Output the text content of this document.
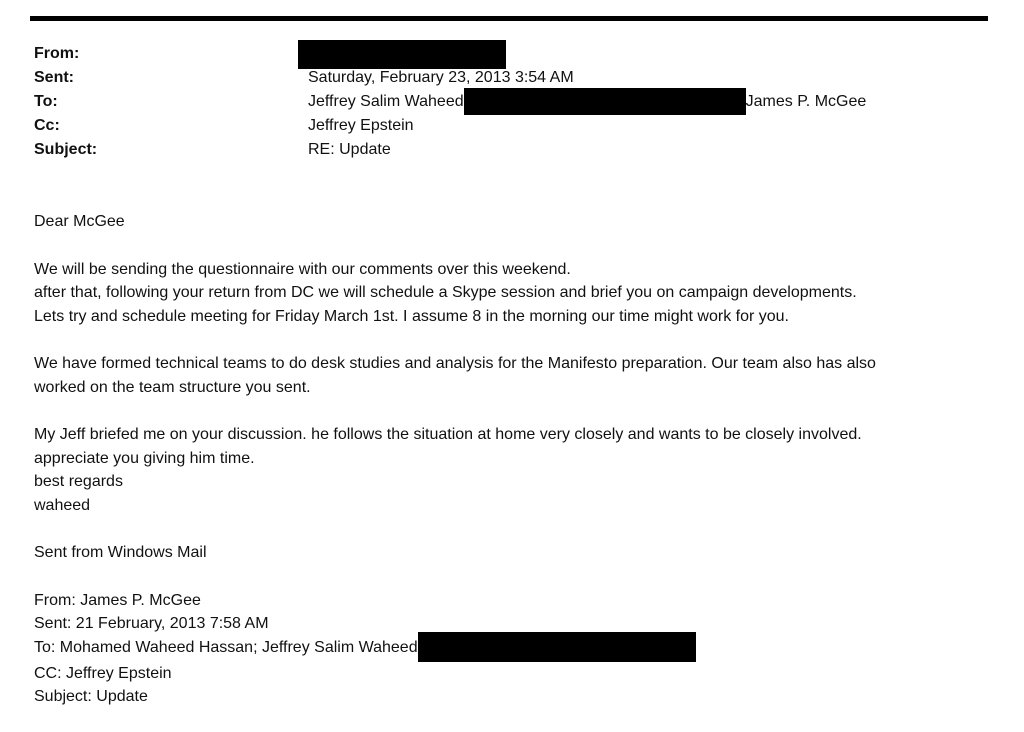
From:
Sent:
To:
Cc:
Subject:
Saturday, February 23, 2013 3:54 AM
Jeffrey Salim Waheed	James P. McGee
Jeffrey Epstein
RE: Update
Dear McGee
We will be sending the questionnaire with our comments over this weekend.
after that, following your return from DC we will schedule a Skype session and brief you on campaign developments.
Lets try and schedule meeting for Friday March 1st. I assume 8 in the morning our time might work for you.
We have formed technical teams to do desk studies and analysis for the Manifesto preparation. Our team also has also
worked on the team structure you sent.
My Jeff briefed me on your discussion. he follows the situation at home very closely and wants to be closely involved.
appreciate you giving him time.
best regards
waheed
Sent from Windows Mail
From: James P. McGee
Sent: 21 February, 2013 7:58 AM
To: Mohamed Waheed Hassan; Jeffrey Salim Waheed
CC: Jeffrey Epstein
Subject: Update
